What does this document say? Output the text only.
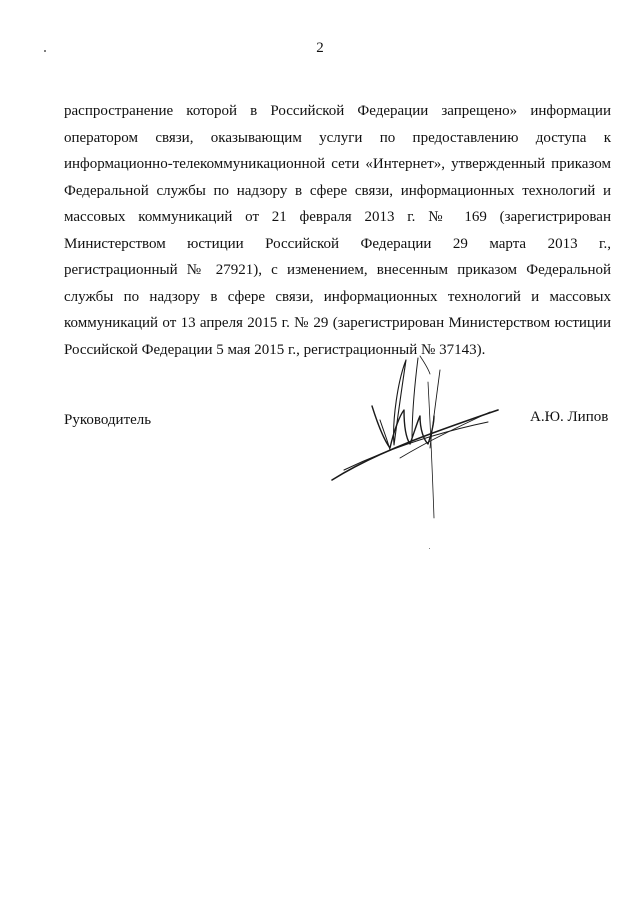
2
распространение которой в Российской Федерации запрещено» информации
оператором связи, оказывающим услуги по предоставлению доступа к
информационно-телекоммуникационной сети «Интернет», утвержденный приказом
Федеральной службы по надзору в сфере связи, информационных технологий и
массовых коммуникаций от 21 февраля 2013 г. № 169 (зарегистрирован
Министерством юстиции Российской Федерации 29 марта 2013 г.,
регистрационный № 27921), с изменением, внесенным приказом Федеральной
службы по надзору в сфере связи, информационных технологий и массовых
коммуникаций от 13 апреля 2015 г. № 29 (зарегистрирован Министерством юстиции
Российской Федерации 5 мая 2015 г., регистрационный № 37143).
Руководитель	А.Ю. Липов
